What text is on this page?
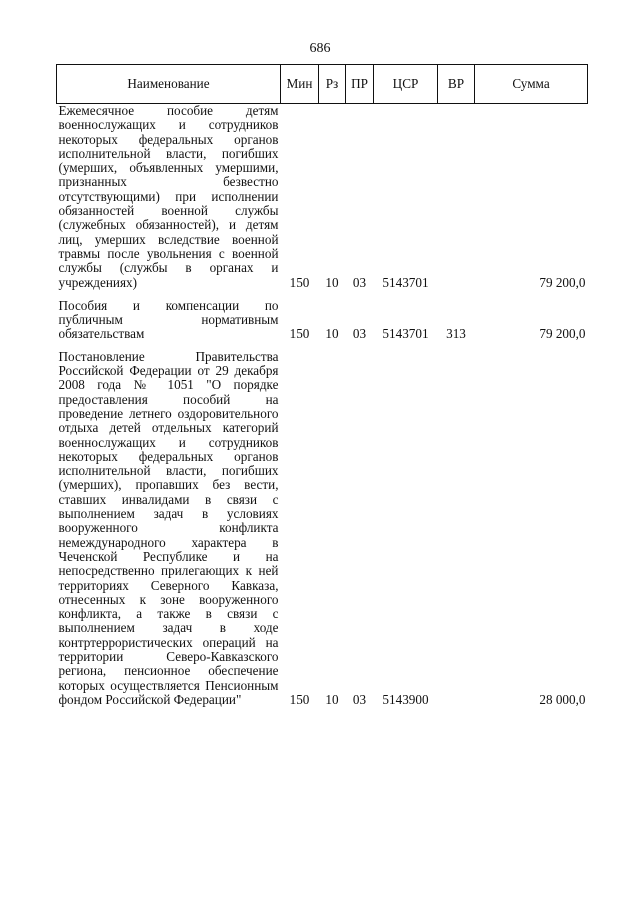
686
Наименование	Мин	Рз	ПР	ЦСР	ВР	Сумма
Ежемесячное пособие детям военнослужащих и сотрудников некоторых федеральных органов исполнительной власти, погибших (умерших, объявленных умершими, признанных безвестно отсутствующими) при исполнении обязанностей военной службы (служебных обязанностей), и детям лиц, умерших вследствие военной травмы после увольнения с военной службы (службы в органах и учреждениях)	150	10	03	5143701		79 200,0
Пособия и компенсации по публичным нормативным обязательствам	150	10	03	5143701	313	79 200,0
Постановление Правительства Российской Федерации от 29 декабря 2008 года № 1051 "О порядке предоставления пособий на проведение летнего оздоровительного отдыха детей отдельных категорий военнослужащих и сотрудников некоторых федеральных органов исполнительной власти, погибших (умерших), пропавших без вести, ставших инвалидами в связи с выполнением задач в условиях вооруженного конфликта немеждународного характера в Чеченской Республике и на непосредственно прилегающих к ней территориях Северного Кавказа, отнесенных к зоне вооруженного конфликта, а также в связи с выполнением задач в ходе контртеррористических операций на территории Северо-Кавказского региона, пенсионное обеспечение которых осуществляется Пенсионным фондом Российской Федерации"	150	10	03	5143900		28 000,0
